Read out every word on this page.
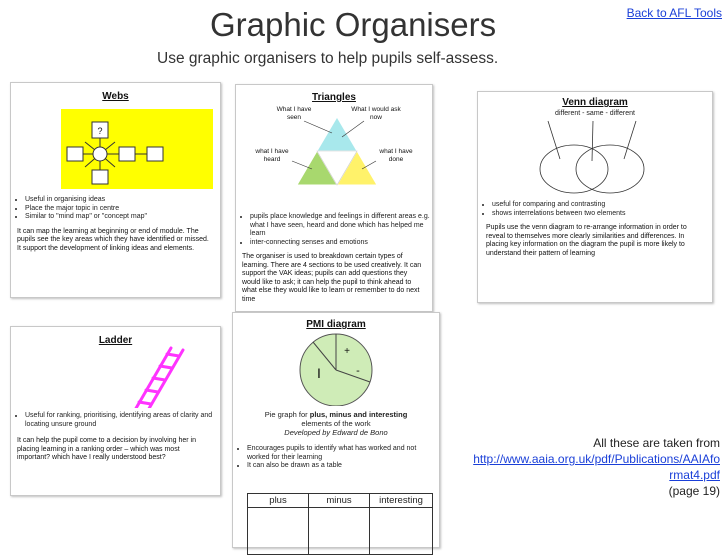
Graphic Organisers	Back to AFL Tools
Use graphic organisers to help pupils self-assess.
Webs
?
• Useful in organising ideas
• Place the major topic in centre
• Similar to "mind map" or "concept map"

It can map the learning at beginning or end of module. The pupils see the key areas which they have identified or missed. It support the development of linking ideas and elements.

Triangles
What I have seen
What I would ask now
what I have heard
what I have done
• pupils place knowledge and feelings in different areas e.g. what I have seen, heard and done which has helped me learn
• inter-connecting senses and emotions

The organiser is used to breakdown certain types of learning. There are 4 sections to be used creatively. It can support the VAK ideas; pupils can add questions they would like to ask; it can help the pupil to think ahead to what else they would like to learn or remember to do next time

Venn diagram
different - same - different
• useful for comparing and contrasting
• shows interrelations between two elements

Pupils use the venn diagram to re-arrange information in order to reveal to themselves more clearly similarities and differences. In placing key information on the diagram the pupil is more likely to understand their pattern of learning

Ladder
• Useful for ranking, prioritising, identifying areas of clarity and locating unsure ground

It can help the pupil come to a decision by involving her in placing learning in a ranking order – which was most important? which have I really understood best?

PMI diagram
+
-
I
Pie graph for plus, minus and interesting
elements of the work
Developed by Edward de Bono
• Encourages pupils to identify what has worked and not worked for their learning
• It can also be drawn as a table
plus	minus	interesting

All these are taken from
http://www.aaia.org.uk/pdf/Publications/AAIAformat4.pdf
(page 19)
